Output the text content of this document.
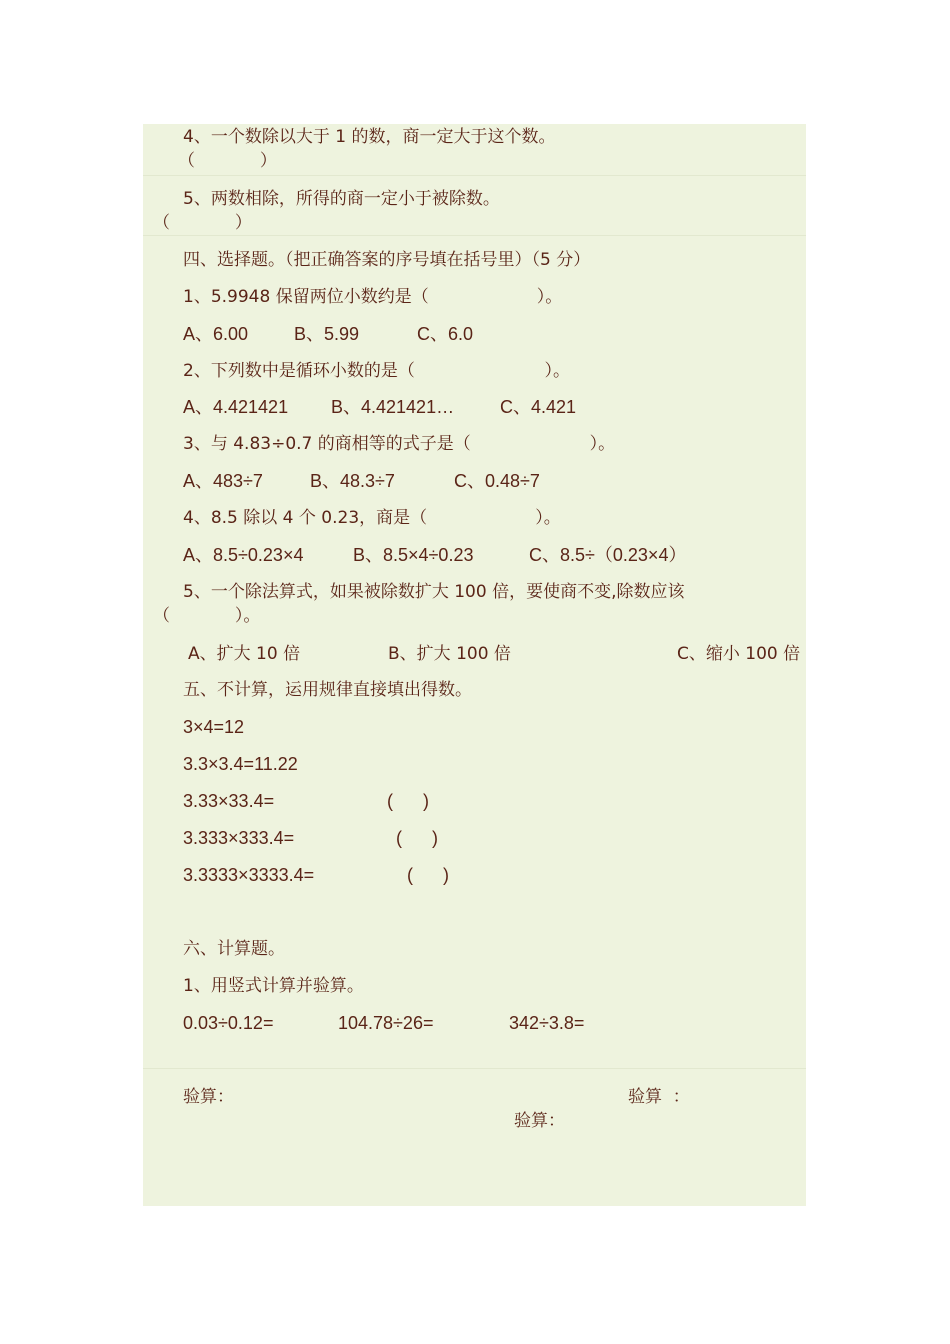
4、一个数除以大于 1 的数，商一定大于这个数。
（            ）
5、两数相除，所得的商一定小于被除数。
（            ）
四、选择题。（把正确答案的序号填在括号里）（5 分）
1、5.9948 保留两位小数约是（                    ）。
A、6.00	B、5.99	C、6.0
2、下列数中是循环小数的是（                        ）。
A、4.421421 B、4.421421…	C、4.421
3、与 4.83÷0.7 的商相等的式子是（                      ）。
A、483÷7	B、48.3÷7	C、0.48÷7
4、8.5 除以 4 个 0.23，商是（                    ）。
A、8.5÷0.23×4	B、8.5×4÷0.23	C、8.5÷（0.23×4）
5、一个除法算式，如果被除数扩大 100 倍，要使商不变,除数应该
（            ）。
A、扩大 10 倍	B、扩大 100 倍	C、缩小 100 倍
五、不计算，运用规律直接填出得数。
3×4=12
3.3×3.4=11.22
3.33×33.4=	(      )
3.333×333.4=	(      )
3.3333×3333.4=	(      )
六、计算题。
1、用竖式计算并验算。
0.03÷0.12=	104.78÷26=	342÷3.8=
验算：	验算  ：
验算：
